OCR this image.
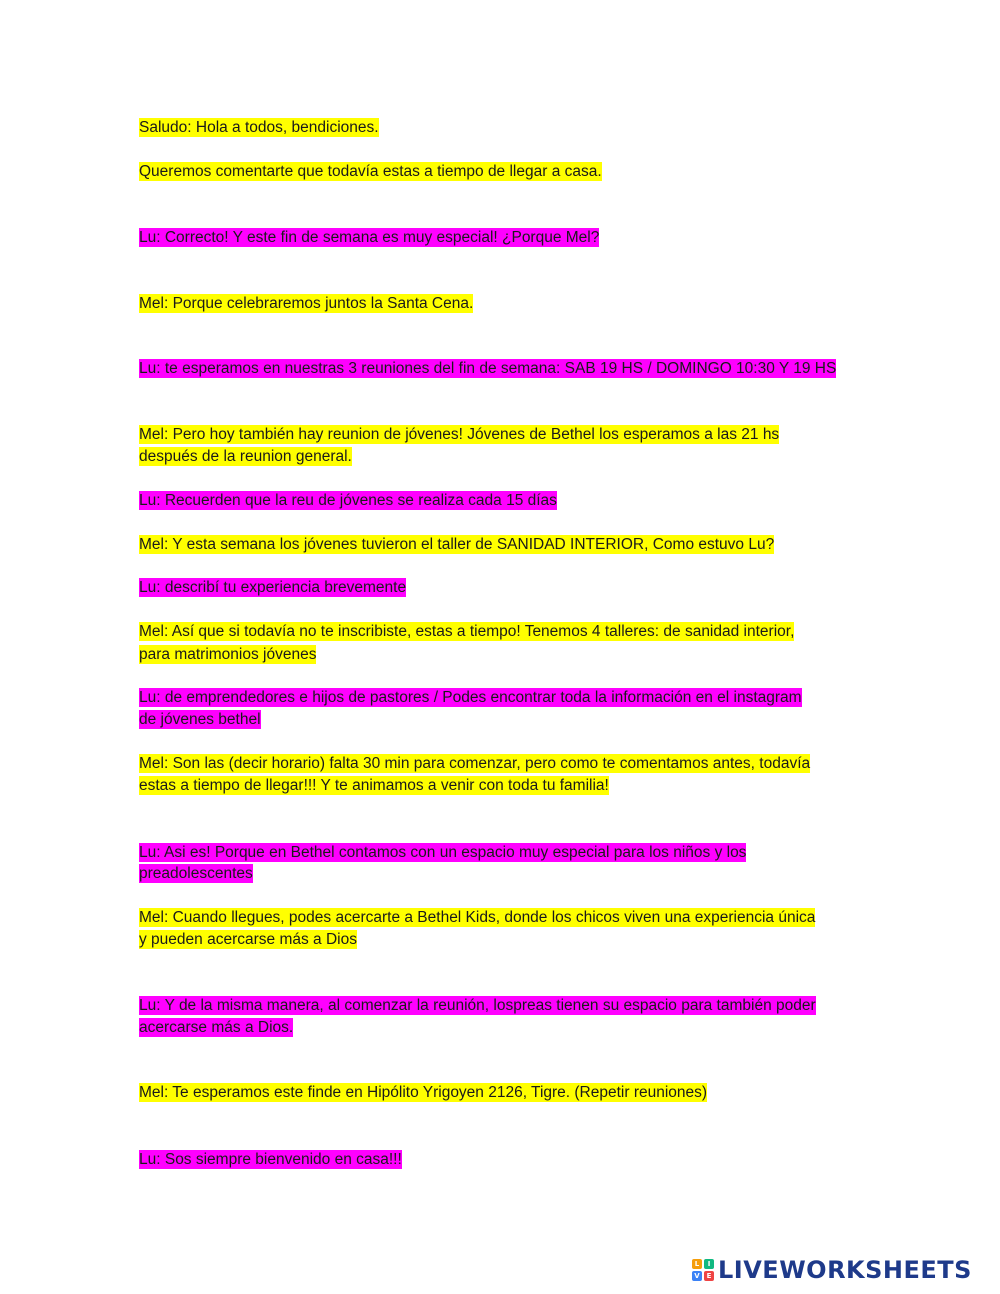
Saludo: Hola a todos, bendiciones.
Queremos comentarte que todavía estas a tiempo de llegar a casa.
Lu: Correcto! Y este fin de semana es muy especial! ¿Porque Mel?
Mel: Porque celebraremos juntos la Santa Cena.
Lu: te esperamos en nuestras 3 reuniones del fin de semana: SAB 19 HS / DOMINGO 10:30 Y 19 HS
Mel: Pero hoy también hay reunion de jóvenes! Jóvenes de Bethel los esperamos a las 21 hs
después de la reunion general.
Lu: Recuerden que la reu de jóvenes se realiza cada 15 días
Mel: Y esta semana los jóvenes tuvieron el taller de SANIDAD INTERIOR, Como estuvo Lu?
Lu: describí tu experiencia brevemente
Mel: Así que si todavía no te inscribiste, estas a tiempo! Tenemos 4 talleres: de sanidad interior,
para matrimonios jóvenes
Lu: de emprendedores e hijos de pastores / Podes encontrar toda la información en el instagram
de jóvenes bethel
Mel: Son las (decir horario) falta 30 min para comenzar, pero como te comentamos antes, todavía
estas a tiempo de llegar!!! Y te animamos a venir con toda tu familia!
Lu: Asi es! Porque en Bethel contamos con un espacio muy especial para los niños y los
preadolescentes
Mel: Cuando llegues, podes acercarte a Bethel Kids, donde los chicos viven una experiencia única
y pueden acercarse más a Dios
Lu: Y de la misma manera, al comenzar la reunión, lospreas tienen su espacio para también poder
acercarse más a Dios.
Mel: Te esperamos este finde en Hipólito Yrigoyen 2126, Tigre. (Repetir reuniones)
Lu: Sos siempre bienvenido en casa!!!
L	I
V E LIVEWORKSHEETS
